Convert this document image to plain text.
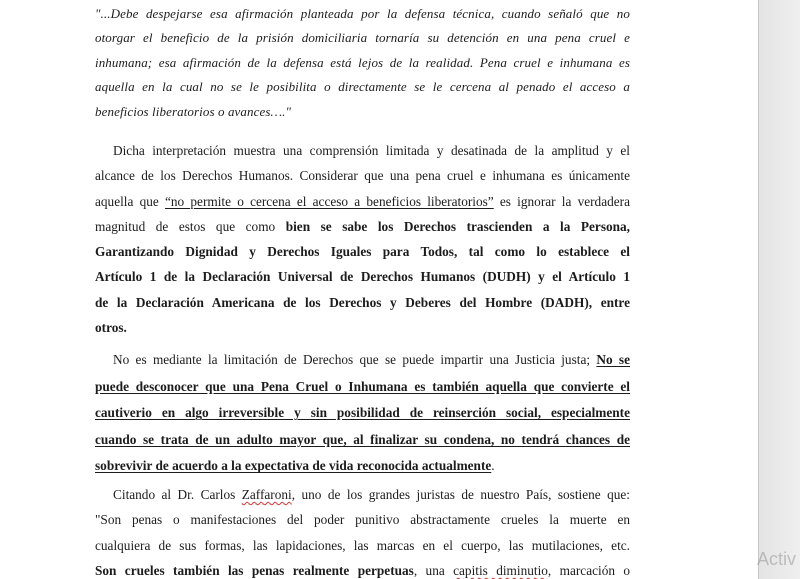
"...Debe despejarse esa afirmación planteada por la defensa técnica, cuando señaló que no
otorgar el beneficio de la prisión domiciliaria tornaría su detención en una pena cruel e
inhumana; esa afirmación de la defensa está lejos de la realidad. Pena cruel e inhumana es
aquella en la cual no se le posibilita o directamente se le cercena al penado el acceso a
beneficios liberatorios o avances…."
Dicha interpretación muestra una comprensión limitada y desatinada de la amplitud y el
alcance de los Derechos Humanos. Considerar que una pena cruel e inhumana es únicamente
aquella que “no permite o cercena el acceso a beneficios liberatorios” es ignorar la verdadera
magnitud de estos que como bien se sabe los Derechos trascienden a la Persona,
Garantizando Dignidad y Derechos Iguales para Todos, tal como lo establece el
Artículo 1 de la Declaración Universal de Derechos Humanos (DUDH) y el Artículo 1
de la Declaración Americana de los Derechos y Deberes del Hombre (DADH), entre
otros.
No es mediante la limitación de Derechos que se puede impartir una Justicia justa; No se
puede desconocer que una Pena Cruel o Inhumana es también aquella que convierte el
cautiverio en algo irreversible y sin posibilidad de reinserción social, especialmente
cuando se trata de un adulto mayor que, al finalizar su condena, no tendrá chances de
sobrevivir de acuerdo a la expectativa de vida reconocida actualmente.
Citando al Dr. Carlos Zaffaroni, uno de los grandes juristas de nuestro País, sostiene que:
"Son penas o manifestaciones del poder punitivo abstractamente crueles la muerte en
cualquiera de sus formas, las lapidaciones, las marcas en el cuerpo, las mutilaciones, etc.
Son crueles también las penas realmente perpetuas, una capitis diminutio, marcación o
Activ
